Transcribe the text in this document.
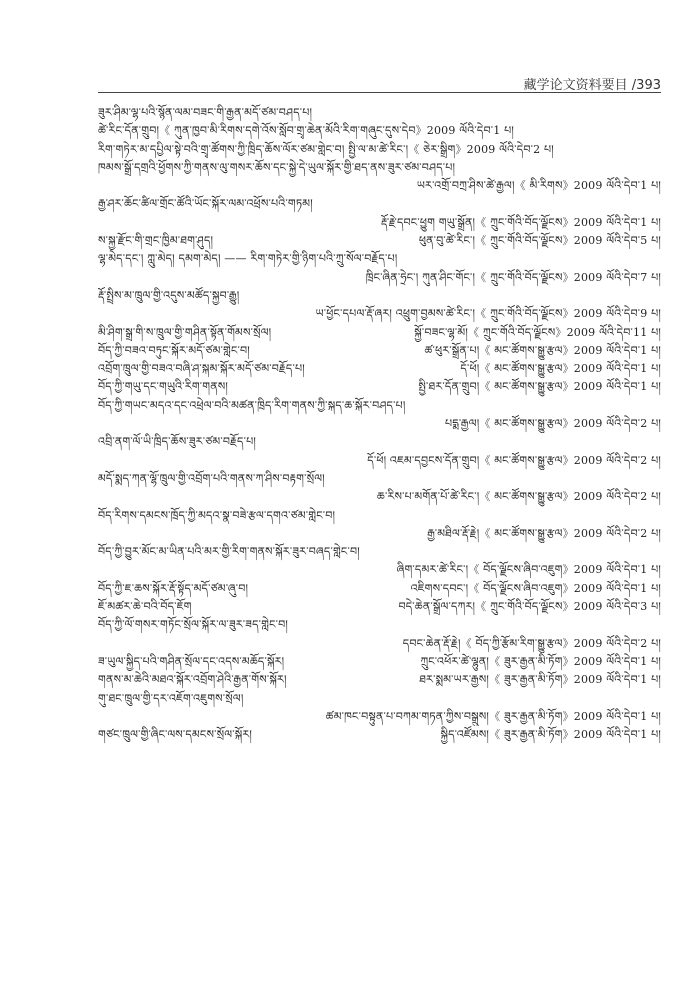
藏学论文资料要目 /393
ཟུར་ཤིམ་ལྷ་པའི་སྙོན་ལམ་བཟང་གི་རྒྱན་མདོ་ཙམ་བཤད་པ།
ཚེ་རིང་དོན་གྲུབ།《 ཀུན་ཁྱབ་མི་རིགས་དགེ་འོས་སློབ་གྲྭ་ཆེན་མོའི་རིག་གཞུང་དུས་དེབ》2009 ལོའི་དེབ་1 པ།
རིག་གཏེར་མ་དཔྱིལ་སྟེ་བའི་གྲྭ་ཚོགས་ཀྱི་ཁྲིད་ཆོས་ལོར་ཙམ་གླེང་བ། སྤྱི་ལ་མ་ཚེ་རིང་།《 ཅེར་སྒྲིག》2009 ལོའི་དེབ་2 པ།
ཁམས་སྒྲོ་དགྲའི་ཕྱོགས་ཀྱི་གནས་ལུ་གསར་ཆོས་དང་སྐྱེ་དེ་ཡུལ་སྐོར་གྱི་ཐད་ནས་ཟུར་ཙམ་བཤད་པ།
ཡར་འགྲོ་བཀྲ་ཤིས་ཚེ་རྒྱལ།《 མི་རིགས》2009 ལོའི་དེབ་1 པ།
རྒྱ་ཤར་ཆོང་ཚིལ་གྲོང་ཚོའི་ཡོང་སྐོར་ལམ་འཕྲོས་པའི་གཏམ།
རྡོ་རྗེ་དབང་ཕྱུག གཡུ་སྒྲོན།《 ཀྲུང་གོའི་བོད་ལྗོངས》2009 ལོའི་དེབ་1 པ།
ས་སྐྱ་རྫོང་གི་གྲང་ཁྱིམ་ཐག་ཤུད།	ཕུན་བུ་ཚེ་རིང་།《 ཀྲུང་གོའི་བོད་ལྗོངས》2009 ལོའི་དེབ་5 པ།
ལྷ་མེད་དང་། ཀླུ་མེད། དམག་མེད། —— རིག་གཏེར་གྱི་ཉིག་པའི་ཀྲུ་སོལ་བརྗོད་པ།
ཁྲིང་ཞིན་ཧྲེང་། ཀུན་ཤིང་གོང་།《 ཀྲུང་གོའི་བོད་ལྗོངས》2009 ལོའི་དེབ་7 པ།
རྡོ་སྤྲིས་མ་ཁྲུལ་གྱི་འདུས་མཚོད་སྐྱབ་རྒྱུ།
ཡ་ཕྱོང་དཔལ་རྡོ་ཞར། འཕྲུག་བྱམས་ཚེ་རིང་།《 ཀྲུང་གོའི་བོད་ལྗོངས》2009 ལོའི་དེབ་9 པ།
མི་ཤིག་སྒྲ་གི་ས་ཁྲུལ་གྱི་གཤིན་སྟོན་གོམས་སྲོལ།	སྐྱོ་བཟང་ལྷ་མོ།《 ཀྲུང་གོའི་བོད་ལྗོངས》2009 ལོའི་དེབ་11 པ།
བོད་ཀྱི་བཟའ་བཏུང་སྐོར་མདོ་ཙམ་གླེང་བ།	ཚ་ཕུར་སྒྲོན་པ།《 མང་ཚོགས་སྒྱུ་རྩལ》2009 ལོའི་དེབ་1 པ།
འབྲོག་ཁྲུལ་གྱི་བཟའ་བཞི་ཤ་སྐམ་སྐོར་མདོ་ཙམ་བརྗོད་པ།	དོ་ཕོ།《 མང་ཚོགས་སྒྱུ་རྩལ》2009 ལོའི་དེབ་1 པ།
བོད་ཀྱི་གཡུ་དང་གཡུའི་རིག་གནས།	སྤྱི་ཐར་དོན་གྲུབ།《 མང་ཚོགས་སྒྱུ་རྩལ》2009 ལོའི་དེབ་1 པ།
བོད་ཀྱི་གཡང་མདའ་དང་འཕྲེལ་བའི་མཚན་ཁྲིད་རིག་གནས་ཀྱི་སྐད་ཆ་སྐོར་བཤད་པ།
པདྨ་རྒྱལ།《 མང་ཚོགས་སྒྱུ་རྩལ》2009 ལོའི་དེབ་2 པ།
འབྲི་ནག་ལོ་ཡི་ཁྲིད་ཆོས་ཟུར་ཙམ་བརྗོད་པ།
དོ་ཕོ། འཇམ་དབྱངས་དོན་གྲུབ།《 མང་ཚོགས་སྒྱུ་རྩལ》2009 ལོའི་དེབ་2 པ།
མདོ་སྨད་ཀན་ལྷོ་ཁྲུལ་གྱི་འབྲོག་པའི་གནས་ཀ་ཤིས་བརྟག་སྲོལ།
ཆ་རིས་པ་མགོན་པོ་ཚེ་རིང་།《 མང་ཚོགས་སྒྱུ་རྩལ》2009 ལོའི་དེབ་2 པ།
བོད་རིགས་དམངས་ཁྲོད་ཀྱི་མདའ་སྣ་བཟེ་རྩལ་དགའ་ཙམ་གླེང་བ།
རྒྱ་མཐིལ་རྡོ་རྗེ།《 མང་ཚོགས་སྒྱུ་རྩལ》2009 ལོའི་དེབ་2 པ།
བོད་ཀྱི་བྱུར་མོང་མ་ཡིན་པའི་མར་གྱི་རིག་གནས་སྐོར་ཟུར་བཞད་གླེང་བ།
ཞིག་དམར་ཚེ་རིང་།《 བོད་ལྗོངས་ཞིབ་འཇུག》2009 ལོའི་དེབ་1 པ།
བོད་ཀྱི་ཇ་ཆས་སྐོར་རྡོ་སྟོད་མདོ་ཙམ་ཞུ་བ།	འཇིགས་དབང་།《 བོད་ལྗོངས་ཞིབ་འཇུག》2009 ལོའི་དེབ་1 པ།
ཇོ་མཚར་ཆེ་བའི་བོད་ཇོག	བདེ་ཆེན་སྒྲོལ་དཀར།《 ཀྲུང་གོའི་བོད་ལྗོངས》2009 ལོའི་དེབ་3 པ།
བོད་ཀྱི་ལོ་གསར་གཏོང་སྲོལ་སྐོར་ལ་ཟུར་ཟད་གླེང་བ།
དབང་ཆེན་རྡོ་རྗེ།《 བོད་ཀྱི་རྩོམ་རིག་སྒྱུ་རྩལ》2009 ལོའི་དེབ་2 པ།
ཟ་ཡུལ་སྐྱིད་པའི་གཤིན་སྲོལ་དང་འདས་མཆོད་སྐོར།	ཀྲུང་འཕོར་ཚེ་ལྷུན།《 ཟུར་རྒྱན་མི་ཏོག》2009 ལོའི་དེབ་1 པ།
གནས་མ་ཆེའི་མཐའ་སྐོར་འབྲོག་ཤེའི་རྒྱན་གོས་སྐོར།	ཐར་སྨམ་ཡར་རྒྱས།《 ཟུར་རྒྱན་མི་ཏོག》2009 ལོའི་དེབ་1 པ།
གུ་ཐང་ཁྲུལ་གྱི་དར་འཇོག་འཇུགས་སྲོལ།
ཚམ་ཁང་བསྟུན་པ་བཀམ་གཏན་ཀྱིས་བསྒྲུས།《 ཟུར་རྒྱན་མི་ཏོག》2009 ལོའི་དེབ་1 པ།
གཙང་ཁྲུལ་གྱི་ཞིང་ལས་དམངས་སྲོལ་སྐོར།	སྐྱིད་འཛོམས།《 ཟུར་རྒྱན་མི་ཏོག》2009 ལོའི་དེབ་1 པ།
